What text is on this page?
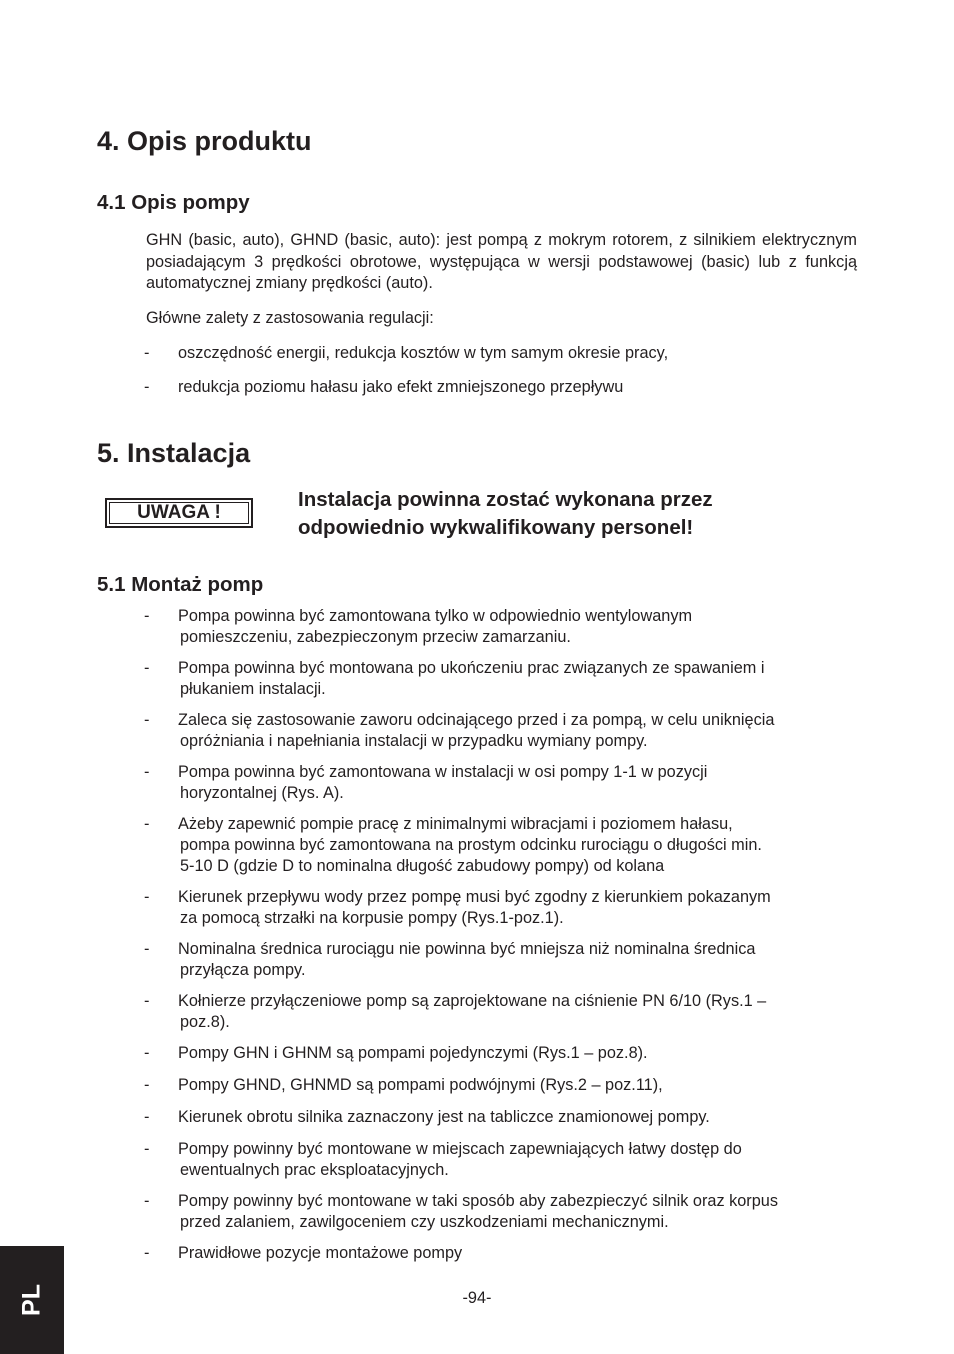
4. Opis produktu
4.1 Opis pompy
GHN (basic, auto), GHND (basic, auto): jest pompą z mokrym rotorem, z silnikiem elektrycznym posiadającym 3 prędkości obrotowe, występująca w wersji podstawowej (basic) lub z funkcją automatycznej zmiany prędkości (auto).
Główne zalety z zastosowania regulacji:
- oszczędność energii, redukcja kosztów w tym samym okresie pracy,
- redukcja poziomu hałasu jako efekt zmniejszonego przepływu
5. Instalacja
UWAGA !
Instalacja powinna zostać wykonana przez
odpowiednio wykwalifikowany personel!
5.1 Montaż pomp
- Pompa powinna być zamontowana tylko w odpowiednio wentylowanym
pomieszczeniu, zabezpieczonym przeciw zamarzaniu.
- Pompa powinna być montowana po ukończeniu prac związanych ze spawaniem i
płukaniem instalacji.
- Zaleca się zastosowanie zaworu odcinającego przed i za pompą, w celu uniknięcia
opróżniania i napełniania instalacji w przypadku wymiany pompy.
- Pompa powinna być zamontowana w instalacji w osi pompy 1-1 w pozycji
horyzontalnej (Rys. A).
- Ażeby zapewnić pompie pracę z minimalnymi wibracjami i poziomem hałasu,
pompa powinna być zamontowana na prostym odcinku rurociągu o długości min.
5-10 D (gdzie D to nominalna długość zabudowy pompy) od kolana
- Kierunek przepływu wody przez pompę musi być zgodny z kierunkiem pokazanym
za pomocą strzałki na korpusie pompy (Rys.1-poz.1).
- Nominalna średnica rurociągu nie powinna być mniejsza niż nominalna średnica
przyłącza pompy.
- Kołnierze przyłączeniowe pomp są zaprojektowane na ciśnienie PN 6/10 (Rys.1 –
poz.8).
- Pompy GHN i GHNM są pompami pojedynczymi (Rys.1 – poz.8).
- Pompy GHND, GHNMD są pompami podwójnymi (Rys.2 – poz.11),
- Kierunek obrotu silnika zaznaczony jest na tabliczce znamionowej pompy.
- Pompy powinny być montowane w miejscach zapewniających łatwy dostęp do
ewentualnych prac eksploatacyjnych.
- Pompy powinny być montowane w taki sposób aby zabezpieczyć silnik oraz korpus
przed zalaniem, zawilgoceniem czy uszkodzeniami mechanicznymi.
- Prawidłowe pozycje montażowe pompy
PL	-94-
